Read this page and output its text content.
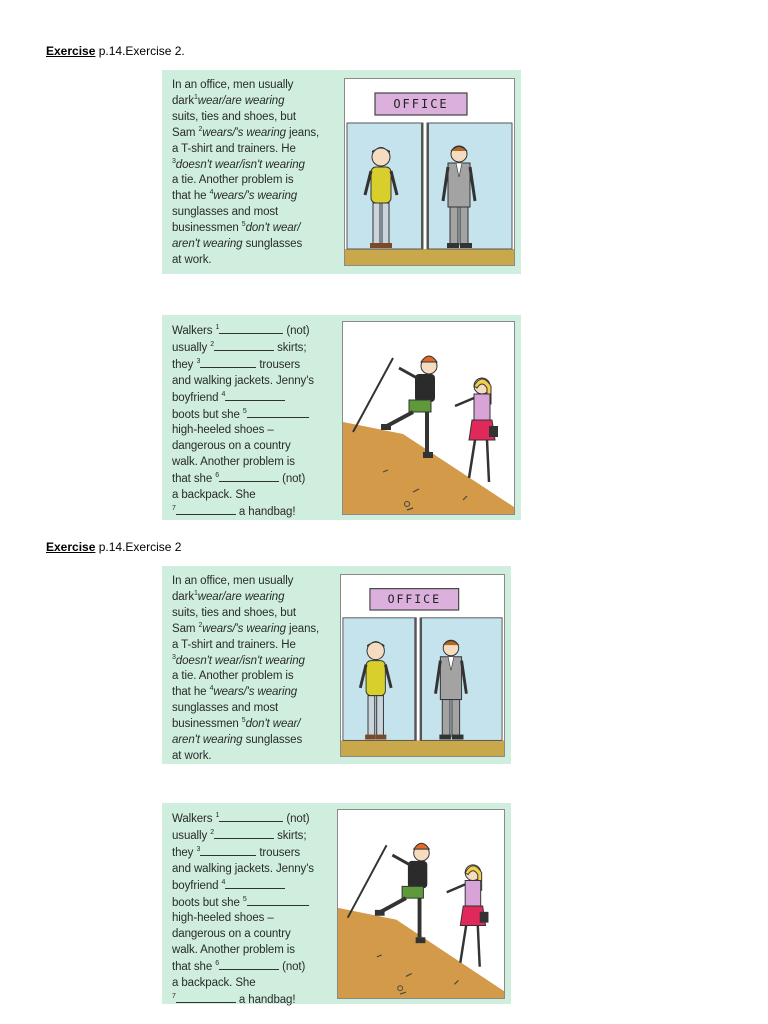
Exercise p.14.Exercise 2.
In an office, men usually
dark$^1$wear/are wearing
suits, ties and shoes, but
Sam $^2$wears/'s wearing jeans,
a T-shirt and trainers. He
$^3$doesn't wear/isn't wearing
a tie. Another problem is
that he $^4$wears/'s wearing
sunglasses and most
businessmen $^5$don't wear/
aren't wearing sunglasses
at work.
OFFICE
Walkers $^1$	(not)
usually $^2$	skirts;
they $^3$	trousers
and walking jackets. Jenny's
boyfriend $^4$
boots but she $^5$
high-heeled shoes –
dangerous on a country
walk. Another problem is
that she $^6$	(not)
a backpack. She
$^7$	a handbag!
Exercise p.14.Exercise 2
In an office, men usually
dark$^1$wear/are wearing
suits, ties and shoes, but
Sam $^2$wears/'s wearing jeans,
a T-shirt and trainers. He
$^3$doesn't wear/isn't wearing
a tie. Another problem is
that he $^4$wears/'s wearing
sunglasses and most
businessmen $^5$don't wear/
aren't wearing sunglasses
at work.
OFFICE
Walkers $^1$	(not)
usually $^2$	skirts;
they $^3$	trousers
and walking jackets. Jenny's
boyfriend $^4$
boots but she $^5$
high-heeled shoes –
dangerous on a country
walk. Another problem is
that she $^6$	(not)
a backpack. She
$^7$	a handbag!
